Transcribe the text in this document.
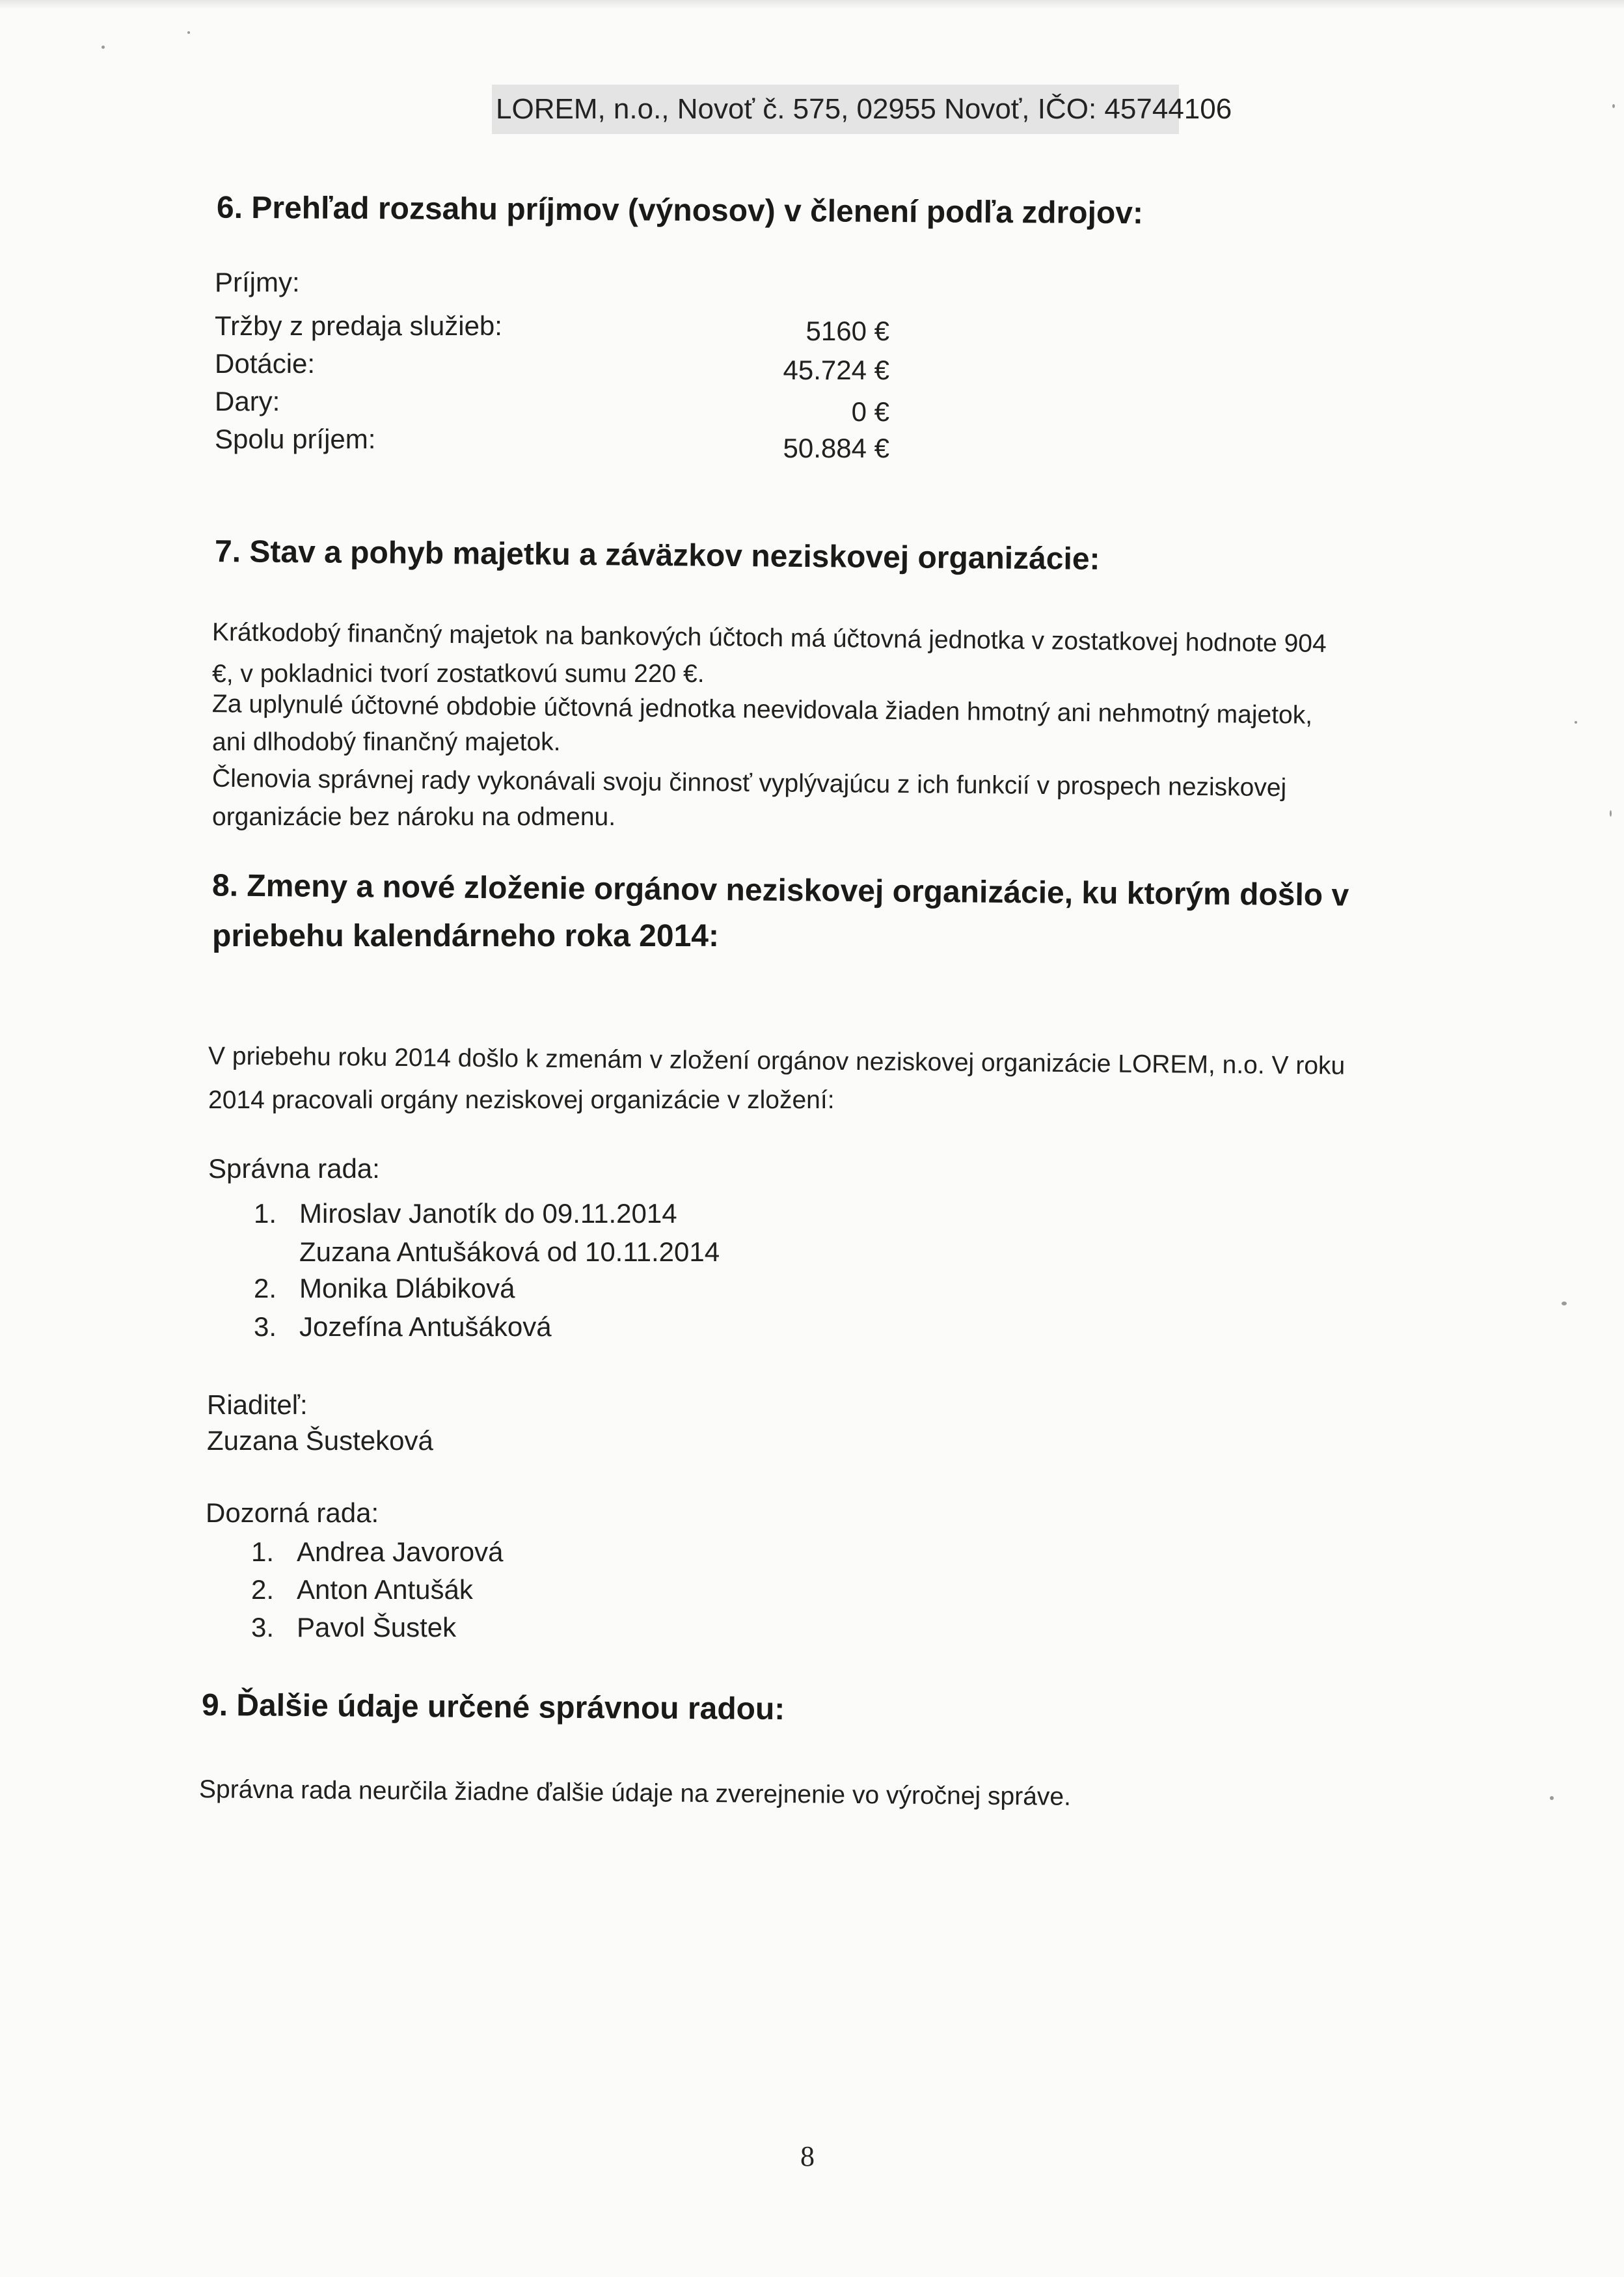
LOREM, n.o., Novoť č. 575, 02955 Novoť, IČO: 45744106
6. Prehľad rozsahu príjmov (výnosov) v členení podľa zdrojov:
Príjmy:
Tržby z predaja služieb:	5160 €
Dotácie:	45.724 €
Dary:	0 €
Spolu príjem:	50.884 €
7. Stav a pohyb majetku a záväzkov neziskovej organizácie:
Krátkodobý finančný majetok na bankových účtoch má účtovná jednotka v zostatkovej hodnote 904
€, v pokladnici tvorí zostatkovú sumu 220 €.
Za uplynulé účtovné obdobie účtovná jednotka neevidovala žiaden hmotný ani nehmotný majetok,
ani dlhodobý finančný majetok.
Členovia správnej rady vykonávali svoju činnosť vyplývajúcu z ich funkcií v prospech neziskovej
organizácie bez nároku na odmenu.
8. Zmeny a nové zloženie orgánov neziskovej organizácie, ku ktorým došlo v
priebehu kalendárneho roka 2014:
V priebehu roku 2014 došlo k zmenám v zložení orgánov neziskovej organizácie LOREM, n.o. V roku
2014 pracovali orgány neziskovej organizácie v zložení:
Správna rada:
1. Miroslav Janotík do 09.11.2014
Zuzana Antušáková od 10.11.2014
2. Monika Dlábiková
3. Jozefína Antušáková
Riaditeľ:
Zuzana Šusteková
Dozorná rada:
1. Andrea Javorová
2. Anton Antušák
3. Pavol Šustek
9. Ďalšie údaje určené správnou radou:
Správna rada neurčila žiadne ďalšie údaje na zverejnenie vo výročnej správe.
8
